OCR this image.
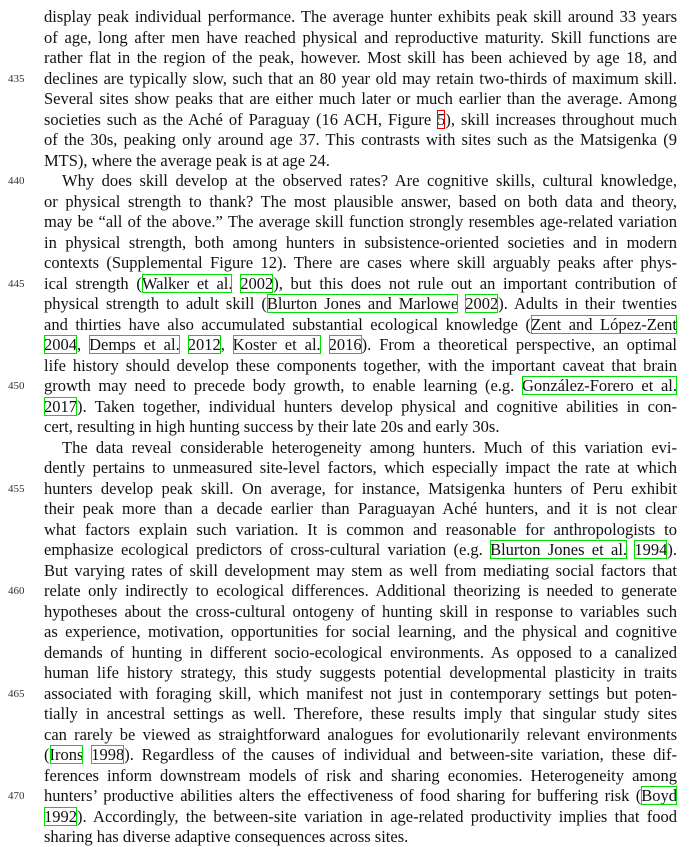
display peak individual performance. The average hunter exhibits peak skill around 33 years
of age, long after men have reached physical and reproductive maturity. Skill functions are
rather flat in the region of the peak, however. Most skill has been achieved by age 18, and
declines are typically slow, such that an 80 year old may retain two-thirds of maximum skill.
Several sites show peaks that are either much later or much earlier than the average. Among
societies such as the Aché of Paraguay (16 ACH, Figure 5), skill increases throughout much
of the 30s, peaking only around age 37. This contrasts with sites such as the Matsigenka (9
MTS), where the average peak is at age 24.
Why does skill develop at the observed rates? Are cognitive skills, cultural knowledge,
or physical strength to thank? The most plausible answer, based on both data and theory,
may be “all of the above.” The average skill function strongly resembles age-related variation
in physical strength, both among hunters in subsistence-oriented societies and in modern
contexts (Supplemental Figure 12). There are cases where skill arguably peaks after phys-
ical strength (Walker et al. 2002), but this does not rule out an important contribution of
physical strength to adult skill (Blurton Jones and Marlowe 2002). Adults in their twenties
and thirties have also accumulated substantial ecological knowledge (Zent and López-Zent
2004, Demps et al. 2012, Koster et al. 2016). From a theoretical perspective, an optimal
life history should develop these components together, with the important caveat that brain
growth may need to precede body growth, to enable learning (e.g. González-Forero et al.
2017). Taken together, individual hunters develop physical and cognitive abilities in con-
cert, resulting in high hunting success by their late 20s and early 30s.
The data reveal considerable heterogeneity among hunters. Much of this variation evi-
dently pertains to unmeasured site-level factors, which especially impact the rate at which
hunters develop peak skill. On average, for instance, Matsigenka hunters of Peru exhibit
their peak more than a decade earlier than Paraguayan Aché hunters, and it is not clear
what factors explain such variation. It is common and reasonable for anthropologists to
emphasize ecological predictors of cross-cultural variation (e.g. Blurton Jones et al. 1994).
But varying rates of skill development may stem as well from mediating social factors that
relate only indirectly to ecological differences. Additional theorizing is needed to generate
hypotheses about the cross-cultural ontogeny of hunting skill in response to variables such
as experience, motivation, opportunities for social learning, and the physical and cognitive
demands of hunting in different socio-ecological environments. As opposed to a canalized
human life history strategy, this study suggests potential developmental plasticity in traits
associated with foraging skill, which manifest not just in contemporary settings but poten-
tially in ancestral settings as well. Therefore, these results imply that singular study sites
can rarely be viewed as straightforward analogues for evolutionarily relevant environments
(Irons 1998). Regardless of the causes of individual and between-site variation, these dif-
ferences inform downstream models of risk and sharing economies. Heterogeneity among
hunters’ productive abilities alters the effectiveness of food sharing for buffering risk (Boyd
1992). Accordingly, the between-site variation in age-related productivity implies that food
sharing has diverse adaptive consequences across sites.
435
440
445
450
455
460
465
470
